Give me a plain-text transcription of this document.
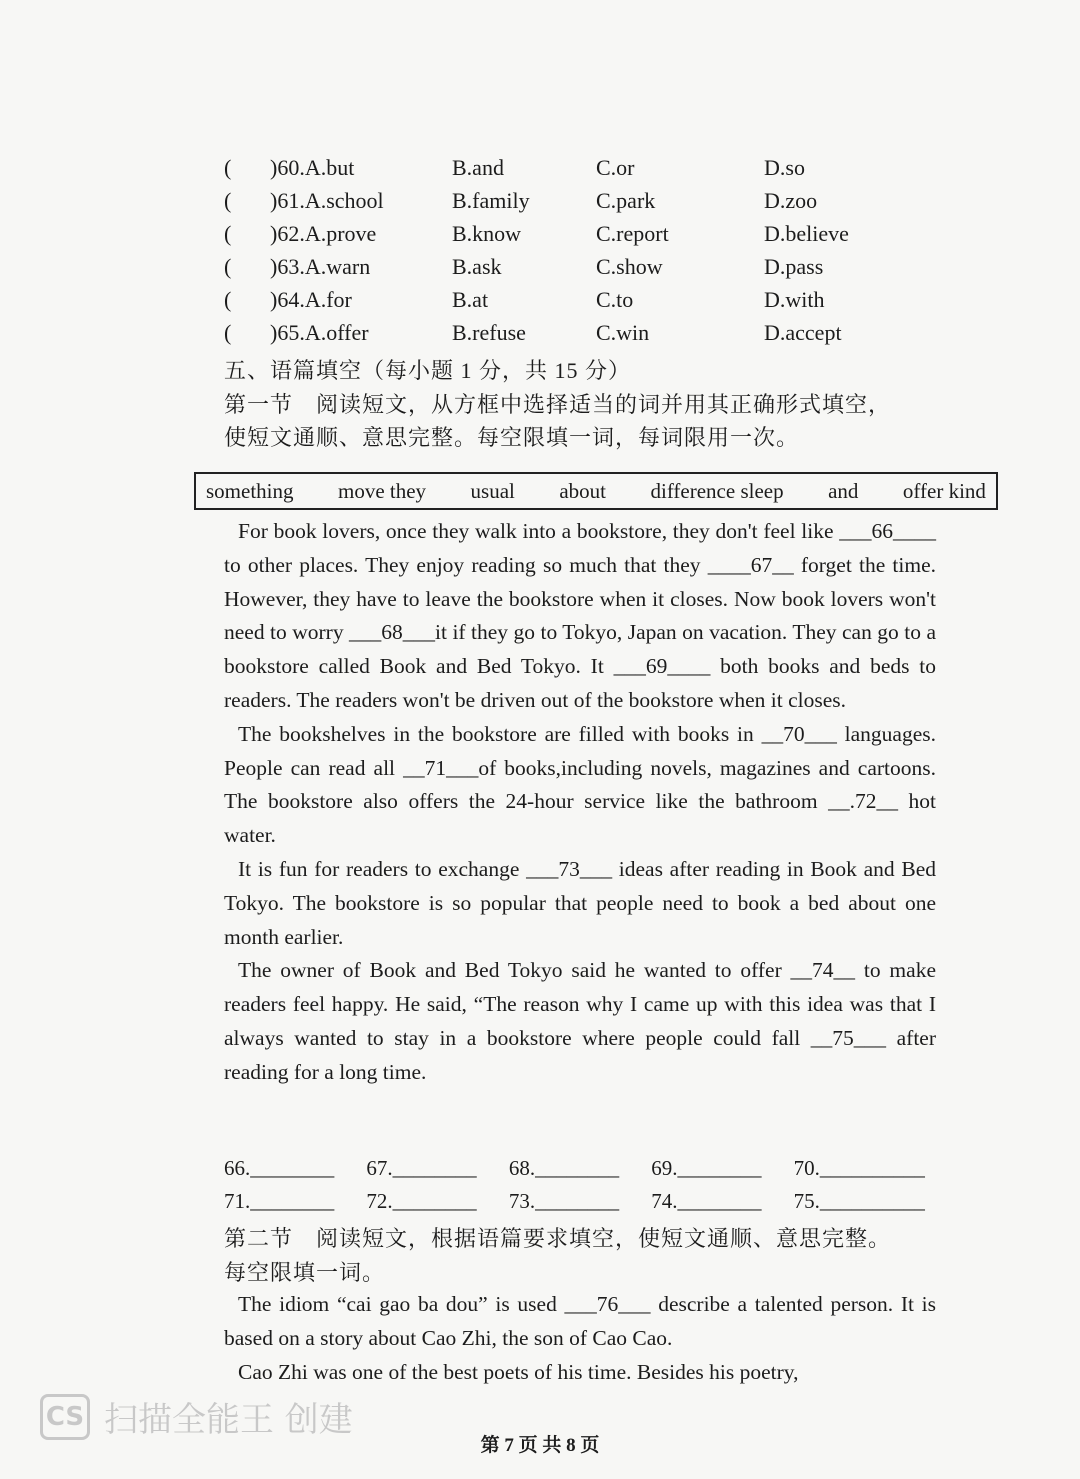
( )60.A.but	B.and	C.or	D.so
( )61.A.school	B.family	C.park	D.zoo
( )62.A.prove	B.know	C.report	D.believe
( )63.A.warn	B.ask	C.show	D.pass
( )64.A.for	B.at	C.to	D.with
( )65.A.offer	B.refuse	C.win	D.accept
五、语篇填空（每小题 1 分，共 15 分）
第一节　阅读短文，从方框中选择适当的词并用其正确形式填空，
使短文通顺、意思完整。每空限填一词，每词限用一次。
something move they usual about difference sleep and offer kind

For book lovers, once they walk into a bookstore, they don't feel like ___66____ to other places. They enjoy reading so much that they ____67__ forget the time. However, they have to leave the bookstore when it closes. Now book lovers won't need to worry ___68___it if they go to Tokyo, Japan on vacation. They can go to a bookstore called Book and Bed Tokyo. It ___69____ both books and beds to readers. The readers won't be driven out of the bookstore when it closes.

The bookshelves in the bookstore are filled with books in __70___ languages. People can read all __71___of books,including novels, magazines and cartoons. The bookstore also offers the 24-hour service like the bathroom __.72__ hot water.

It is fun for readers to exchange ___73___ ideas after reading in Book and Bed Tokyo. The bookstore is so popular that people need to book a bed about one month earlier.

The owner of Book and Bed Tokyo said he wanted to offer __74__ to make readers feel happy. He said, “The reason why I came up with this idea was that I always wanted to stay in a bookstore where people could fall __75___ after reading for a long time.

66.________	67.________	68.________	69.________	70.__________
71.________	72.________	73.________	74.________	75.__________
第二节　阅读短文，根据语篇要求填空，使短文通顺、意思完整。
每空限填一词。

The idiom “cai gao ba dou” is used ___76___ describe a talented person. It is based on a story about Cao Zhi, the son of Cao Cao.

Cao Zhi was one of the best poets of his time. Besides his poetry,

CS 扫描全能王 创建
第 7 页 共 8 页
